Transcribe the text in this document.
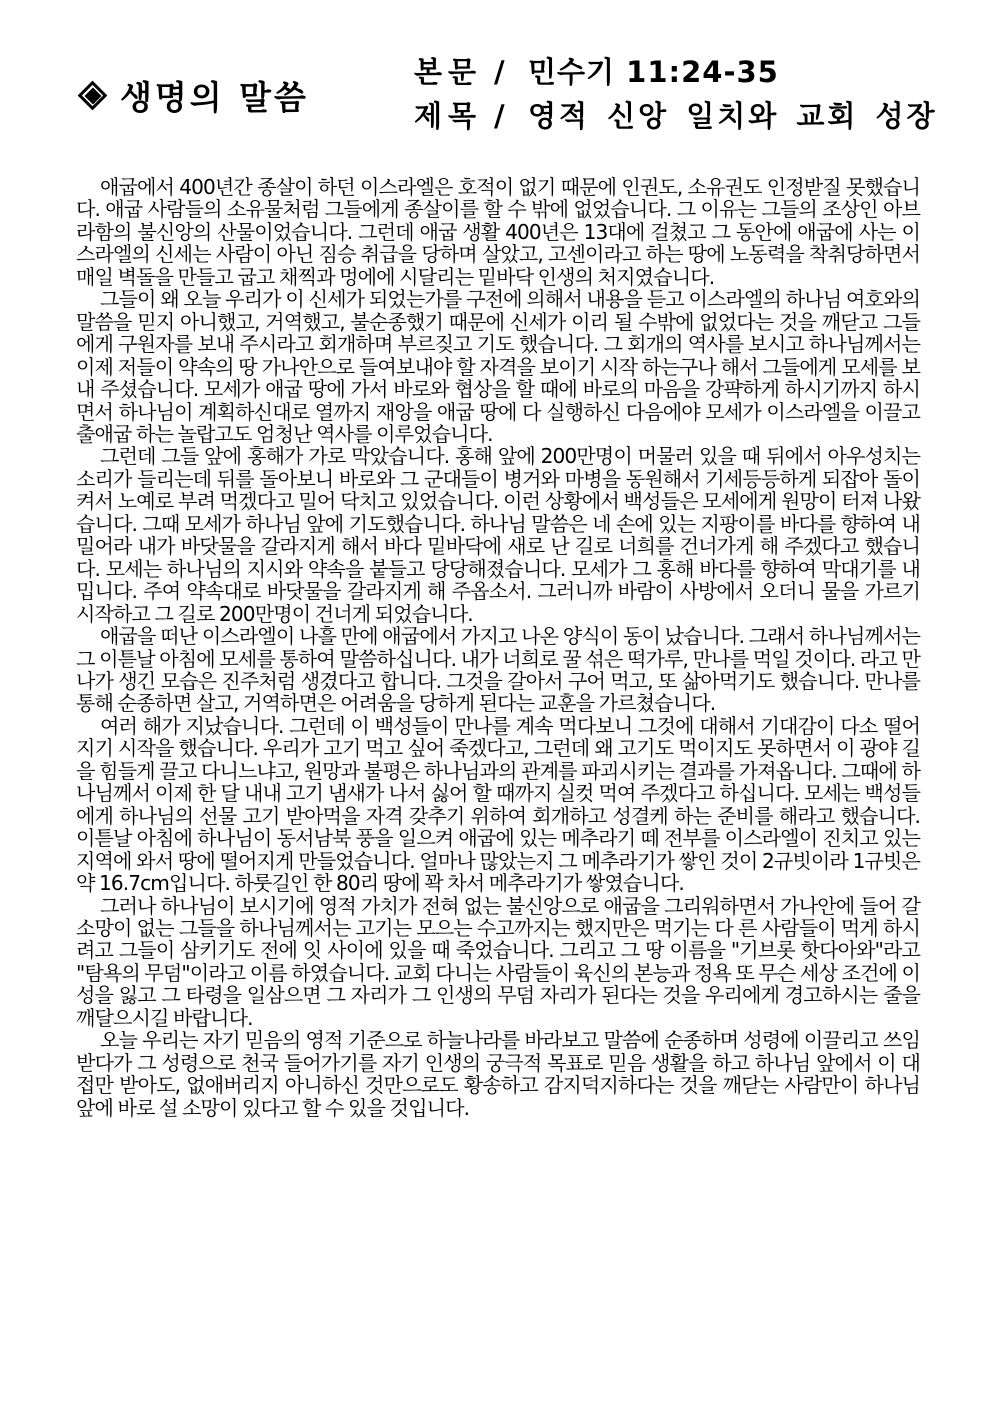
생명의 말씀
본문 / 민수기 11:24-35
제목 / 영적 신앙 일치와 교회 성장

애굽에서 400년간 종살이 하던 이스라엘은 호적이 없기 때문에 인권도, 소유권도 인정받질 못했습니다. 애굽 사람들의 소유물처럼 그들에게 종살이를 할 수 밖에 없었습니다. 그 이유는 그들의 조상인 아브라함의 불신앙의 산물이었습니다. 그런데 애굽 생활 400년은 13대에 걸쳤고 그 동안에 애굽에 사는 이스라엘의 신세는 사람이 아닌 짐승 취급을 당하며 살았고, 고센이라고 하는 땅에 노동력을 착취당하면서 매일 벽돌을 만들고 굽고 채찍과 멍에에 시달리는 밑바닥 인생의 처지였습니다.

그들이 왜 오늘 우리가 이 신세가 되었는가를 구전에 의해서 내용을 듣고 이스라엘의 하나님 여호와의 말씀을 믿지 아니했고, 거역했고, 불순종했기 때문에 신세가 이리 될 수밖에 없었다는 것을 깨닫고 그들에게 구원자를 보내 주시라고 회개하며 부르짖고 기도 했습니다. 그 회개의 역사를 보시고 하나님께서는 이제 저들이 약속의 땅 가나안으로 들여보내야 할 자격을 보이기 시작 하는구나 해서 그들에게 모세를 보내 주셨습니다. 모세가 애굽 땅에 가서 바로와 협상을 할 때에 바로의 마음을 강퍅하게 하시기까지 하시면서 하나님이 계획하신대로 열까지 재앙을 애굽 땅에 다 실행하신 다음에야 모세가 이스라엘을 이끌고 출애굽 하는 놀랍고도 엄청난 역사를 이루었습니다.

그런데 그들 앞에 홍해가 가로 막았습니다. 홍해 앞에 200만명이 머물러 있을 때 뒤에서 아우성치는 소리가 들리는데 뒤를 돌아보니 바로와 그 군대들이 병거와 마병을 동원해서 기세등등하게 되잡아 돌이켜서 노예로 부려 먹겠다고 밀어 닥치고 있었습니다. 이런 상황에서 백성들은 모세에게 원망이 터져 나왔습니다. 그때 모세가 하나님 앞에 기도했습니다. 하나님 말씀은 네 손에 있는 지팡이를 바다를 향하여 내밀어라 내가 바닷물을 갈라지게 해서 바다 밑바닥에 새로 난 길로 너희를 건너가게 해 주겠다고 했습니다. 모세는 하나님의 지시와 약속을 붙들고 당당해졌습니다. 모세가 그 홍해 바다를 향하여 막대기를 내밉니다. 주여 약속대로 바닷물을 갈라지게 해 주옵소서. 그러니까 바람이 사방에서 오더니 물을 가르기 시작하고 그 길로 200만명이 건너게 되었습니다.

애굽을 떠난 이스라엘이 나흘 만에 애굽에서 가지고 나온 양식이 동이 났습니다. 그래서 하나님께서는 그 이튿날 아침에 모세를 통하여 말씀하십니다. 내가 너희로 꿀 섞은 떡가루, 만나를 먹일 것이다. 라고 만나가 생긴 모습은 진주처럼 생겼다고 합니다. 그것을 갈아서 구어 먹고, 또 삶아먹기도 했습니다. 만나를 통해 순종하면 살고, 거역하면은 어려움을 당하게 된다는 교훈을 가르쳤습니다.

여러 해가 지났습니다. 그런데 이 백성들이 만나를 계속 먹다보니 그것에 대해서 기대감이 다소 떨어지기 시작을 했습니다. 우리가 고기 먹고 싶어 죽겠다고, 그런데 왜 고기도 먹이지도 못하면서 이 광야 길을 힘들게 끌고 다니느냐고, 원망과 불평은 하나님과의 관계를 파괴시키는 결과를 가져옵니다. 그때에 하나님께서 이제 한 달 내내 고기 냄새가 나서 싫어 할 때까지 실컷 먹여 주겠다고 하십니다. 모세는 백성들에게 하나님의 선물 고기 받아먹을 자격 갖추기 위하여 회개하고 성결케 하는 준비를 해라고 했습니다. 이튿날 아침에 하나님이 동서남북 풍을 일으켜 애굽에 있는 메추라기 떼 전부를 이스라엘이 진치고 있는 지역에 와서 땅에 떨어지게 만들었습니다. 얼마나 많았는지 그 메추라기가 쌓인 것이 2규빗이라 1규빗은 약 16.7cm입니다. 하룻길인 한 80리 땅에 꽉 차서 메추라기가 쌓였습니다.

그러나 하나님이 보시기에 영적 가치가 전혀 없는 불신앙으로 애굽을 그리워하면서 가나안에 들어 갈 소망이 없는 그들을 하나님께서는 고기는 모으는 수고까지는 했지만은 먹기는 다 른 사람들이 먹게 하시려고 그들이 삼키기도 전에 잇 사이에 있을 때 죽었습니다. 그리고 그 땅 이름을 "기브롯 핫다아와"라고 "탐욕의 무덤"이라고 이름 하였습니다. 교회 다니는 사람들이 육신의 본능과 정욕 또 무슨 세상 조건에 이성을 잃고 그 타령을 일삼으면 그 자리가 그 인생의 무덤 자리가 된다는 것을 우리에게 경고하시는 줄을 깨달으시길 바랍니다.

오늘 우리는 자기 믿음의 영적 기준으로 하늘나라를 바라보고 말씀에 순종하며 성령에 이끌리고 쓰임 받다가 그 성령으로 천국 들어가기를 자기 인생의 궁극적 목표로 믿음 생활을 하고 하나님 앞에서 이 대접만 받아도, 없애버리지 아니하신 것만으로도 황송하고 감지덕지하다는 것을 깨닫는 사람만이 하나님 앞에 바로 설 소망이 있다고 할 수 있을 것입니다.
